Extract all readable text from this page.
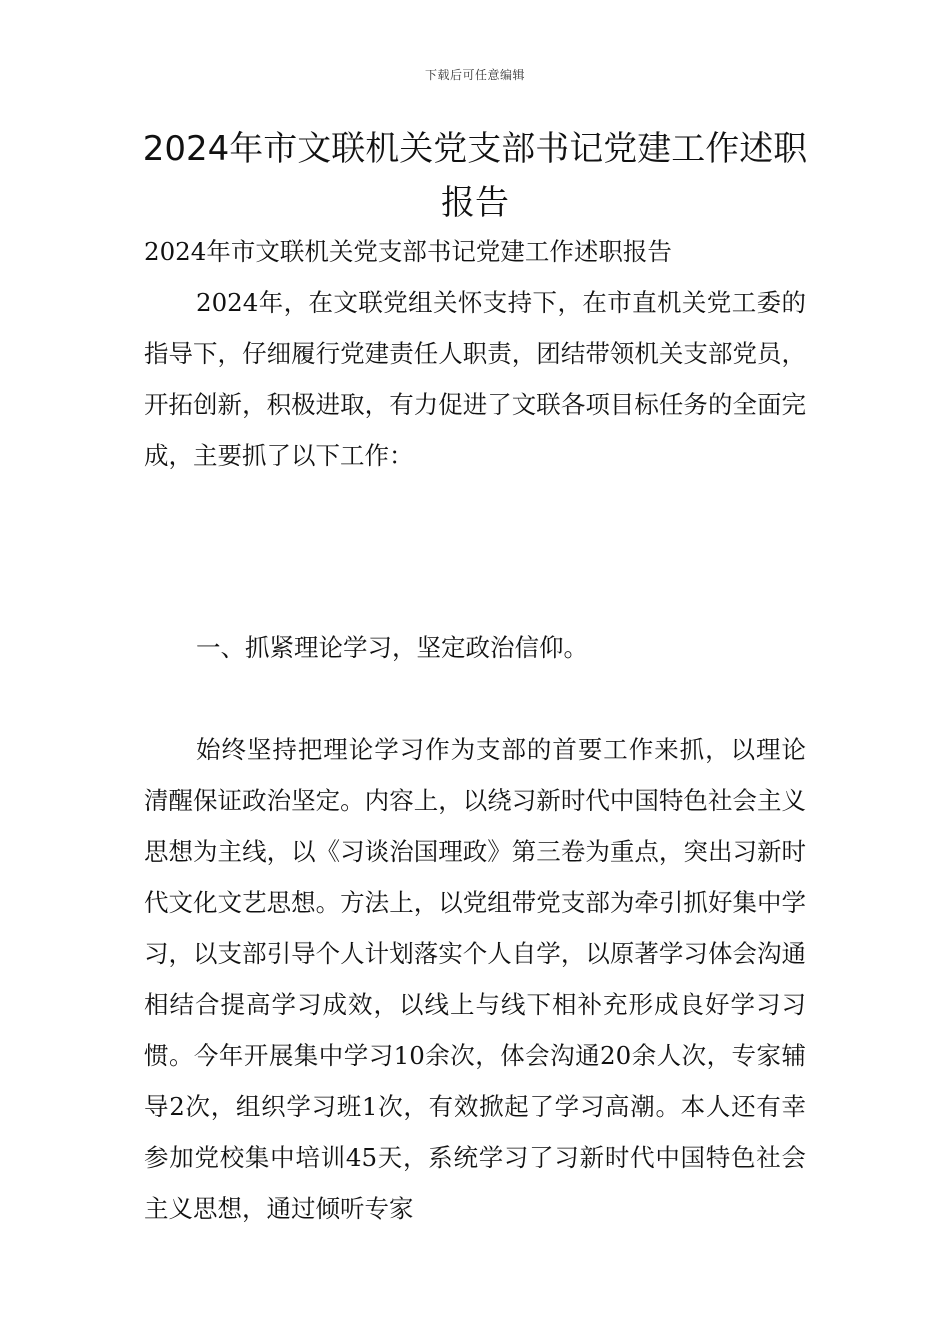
下载后可任意编辑
2024年市文联机关党支部书记党建工作述职报告

2024年市文联机关党支部书记党建工作述职报告

2024年，在文联党组关怀支持下，在市直机关党工委的指导下，仔细履行党建责任人职责，团结带领机关支部党员，开拓创新，积极进取，有力促进了文联各项目标任务的全面完成，主要抓了以下工作：

一、抓紧理论学习，坚定政治信仰。

始终坚持把理论学习作为支部的首要工作来抓，以理论清醒保证政治坚定。内容上，以绕习新时代中国特色社会主义思想为主线，以《习谈治国理政》第三卷为重点，突出习新时代文化文艺思想。方法上，以党组带党支部为牵引抓好集中学习，以支部引导个人计划落实个人自学，以原著学习体会沟通相结合提高学习成效，以线上与线下相补充形成良好学习习惯。今年开展集中学习10余次，体会沟通20余人次，专家辅导2次，组织学习班1次，有效掀起了学习高潮。本人还有幸参加党校集中培训45天，系统学习了习新时代中国特色社会主义思想，通过倾听专家
